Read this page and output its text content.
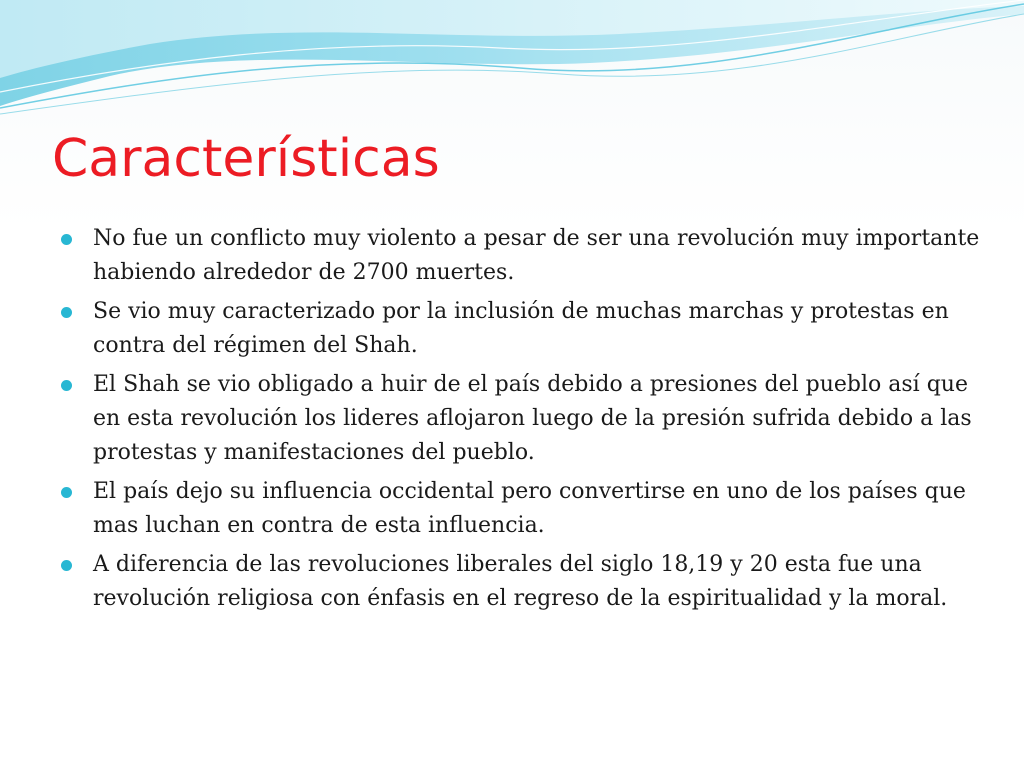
Características
No fue un conflicto muy violento a pesar de ser una revolución muy importante habiendo alrededor de 2700 muertes.
Se vio muy caracterizado por la inclusión de muchas marchas y protestas en contra del régimen del Shah.
El Shah se vio obligado a huir de el país debido a presiones del pueblo así que en esta revolución los lideres aflojaron luego de la presión sufrida debido a las protestas y manifestaciones del pueblo.
El país dejo su influencia occidental pero convertirse en uno de los países que mas luchan en contra de esta influencia.
A diferencia de las revoluciones liberales del siglo 18,19 y 20 esta fue una revolución religiosa con énfasis en el regreso de la espiritualidad y la moral.
